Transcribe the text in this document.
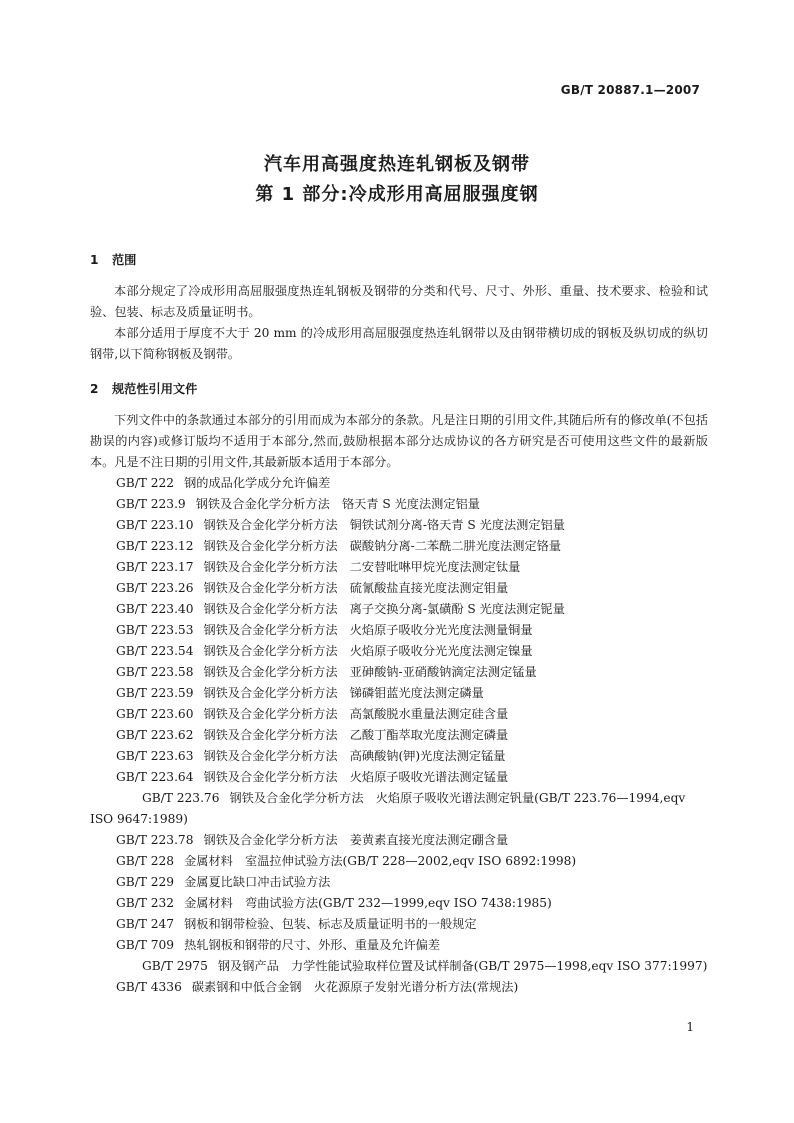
GB/T 20887.1—2007
汽车用高强度热连轧钢板及钢带
第 1 部分:冷成形用高屈服强度钢
1 范围

本部分规定了冷成形用高屈服强度热连轧钢板及钢带的分类和代号、尺寸、外形、重量、技术要求、检验和试验、包装、标志及质量证明书。

本部分适用于厚度不大于 20 mm 的冷成形用高屈服强度热连轧钢带以及由钢带横切成的钢板及纵切成的纵切钢带,以下简称钢板及钢带。

2 规范性引用文件

下列文件中的条款通过本部分的引用而成为本部分的条款。凡是注日期的引用文件,其随后所有的修改单(不包括勘误的内容)或修订版均不适用于本部分,然而,鼓励根据本部分达成协议的各方研究是否可使用这些文件的最新版本。凡是不注日期的引用文件,其最新版本适用于本部分。

GB/T 222 钢的成品化学成分允许偏差

GB/T 223.9 钢铁及合金化学分析方法　铬天青 S 光度法测定铝量

GB/T 223.10 钢铁及合金化学分析方法　铜铁试剂分离-铬天青 S 光度法测定铝量

GB/T 223.12 钢铁及合金化学分析方法　碳酸钠分离-二苯酰二肼光度法测定铬量

GB/T 223.17 钢铁及合金化学分析方法　二安替吡啉甲烷光度法测定钛量

GB/T 223.26 钢铁及合金化学分析方法　硫氰酸盐直接光度法测定钼量

GB/T 223.40 钢铁及合金化学分析方法　离子交换分离-氯磺酚 S 光度法测定铌量

GB/T 223.53 钢铁及合金化学分析方法　火焰原子吸收分光光度法测量铜量

GB/T 223.54 钢铁及合金化学分析方法　火焰原子吸收分光光度法测定镍量

GB/T 223.58 钢铁及合金化学分析方法　亚砷酸钠-亚硝酸钠滴定法测定锰量

GB/T 223.59 钢铁及合金化学分析方法　锑磷钼蓝光度法测定磷量

GB/T 223.60 钢铁及合金化学分析方法　高氯酸脱水重量法测定硅含量

GB/T 223.62 钢铁及合金化学分析方法　乙酸丁酯萃取光度法测定磷量

GB/T 223.63 钢铁及合金化学分析方法　高碘酸钠(钾)光度法测定锰量

GB/T 223.64 钢铁及合金化学分析方法　火焰原子吸收光谱法测定锰量

GB/T 223.76 钢铁及合金化学分析方法　火焰原子吸收光谱法测定钒量(GB/T 223.76—1994,eqv ISO 9647:1989)

GB/T 223.78 钢铁及合金化学分析方法　姜黄素直接光度法测定硼含量

GB/T 228 金属材料　室温拉伸试验方法(GB/T 228—2002,eqv ISO 6892:1998)

GB/T 229 金属夏比缺口冲击试验方法

GB/T 232 金属材料　弯曲试验方法(GB/T 232—1999,eqv ISO 7438:1985)

GB/T 247 钢板和钢带检验、包装、标志及质量证明书的一般规定

GB/T 709 热轧钢板和钢带的尺寸、外形、重量及允许偏差

GB/T 2975 钢及钢产品　力学性能试验取样位置及试样制备(GB/T 2975—1998,eqv ISO 377:1997)

GB/T 4336 碳素钢和中低合金钢　火花源原子发射光谱分析方法(常规法)

1
